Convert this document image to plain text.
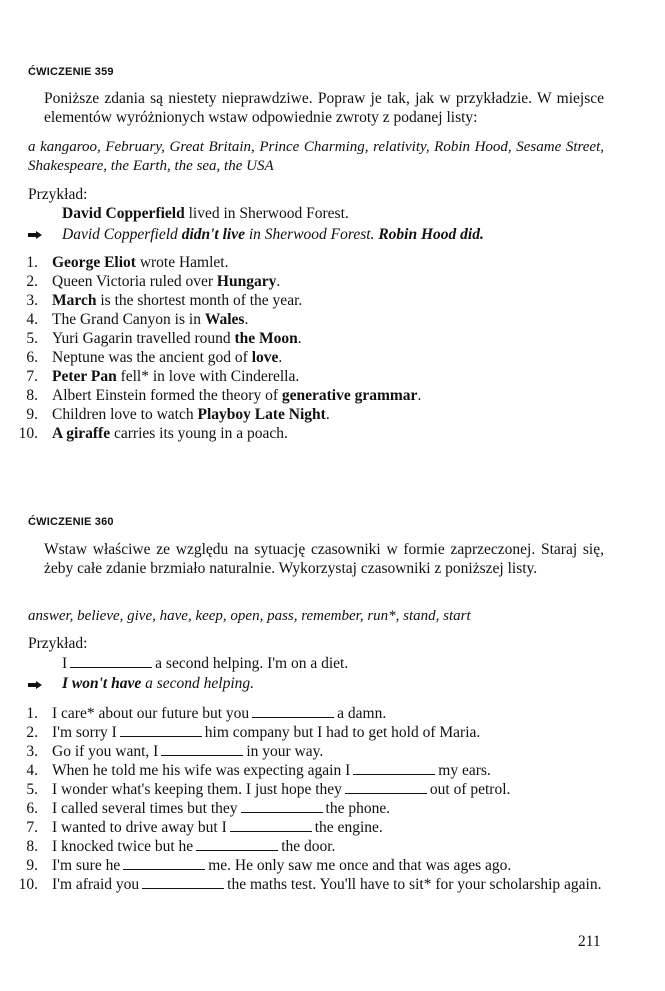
ĆWICZENIE 359
Poniższe zdania są niestety nieprawdziwe. Popraw je tak, jak w przykładzie. W miejsce elementów wyróżnionych wstaw odpowiednie zwroty z podanej listy:
a kangaroo, February, Great Britain, Prince Charming, relativity, Robin Hood, Sesame Street, Shakespeare, the Earth, the sea, the USA
Przykład:
David Copperfield lived in Sherwood Forest.
David Copperfield didn't live in Sherwood Forest. Robin Hood did.
1. George Eliot wrote Hamlet.
2. Queen Victoria ruled over Hungary.
3. March is the shortest month of the year.
4. The Grand Canyon is in Wales.
5. Yuri Gagarin travelled round the Moon.
6. Neptune was the ancient god of love.
7. Peter Pan fell* in love with Cinderella.
8. Albert Einstein formed the theory of generative grammar.
9. Children love to watch Playboy Late Night.
10. A giraffe carries its young in a poach.
ĆWICZENIE 360
Wstaw właściwe ze względu na sytuację czasowniki w formie zaprzeczonej. Staraj się, żeby całe zdanie brzmiało naturalnie. Wykorzystaj czasowniki z poniższej listy.
answer, believe, give, have, keep, open, pass, remember, run*, stand, start
Przykład:
I	a second helping. I'm on a diet.
I won't have a second helping.
1. I care* about our future but you	a damn.
2. I'm sorry I	him company but I had to get hold of Maria.
3. Go if you want, I	in your way.
4. When he told me his wife was expecting again I	my ears.
5. I wonder what's keeping them. I just hope they	out of petrol.
6. I called several times but they	the phone.
7. I wanted to drive away but I	the engine.
8. I knocked twice but he	the door.
9. I'm sure he	me. He only saw me once and that was ages ago.
10. I'm afraid you	the maths test. You'll have to sit* for your scholarship again.
211
